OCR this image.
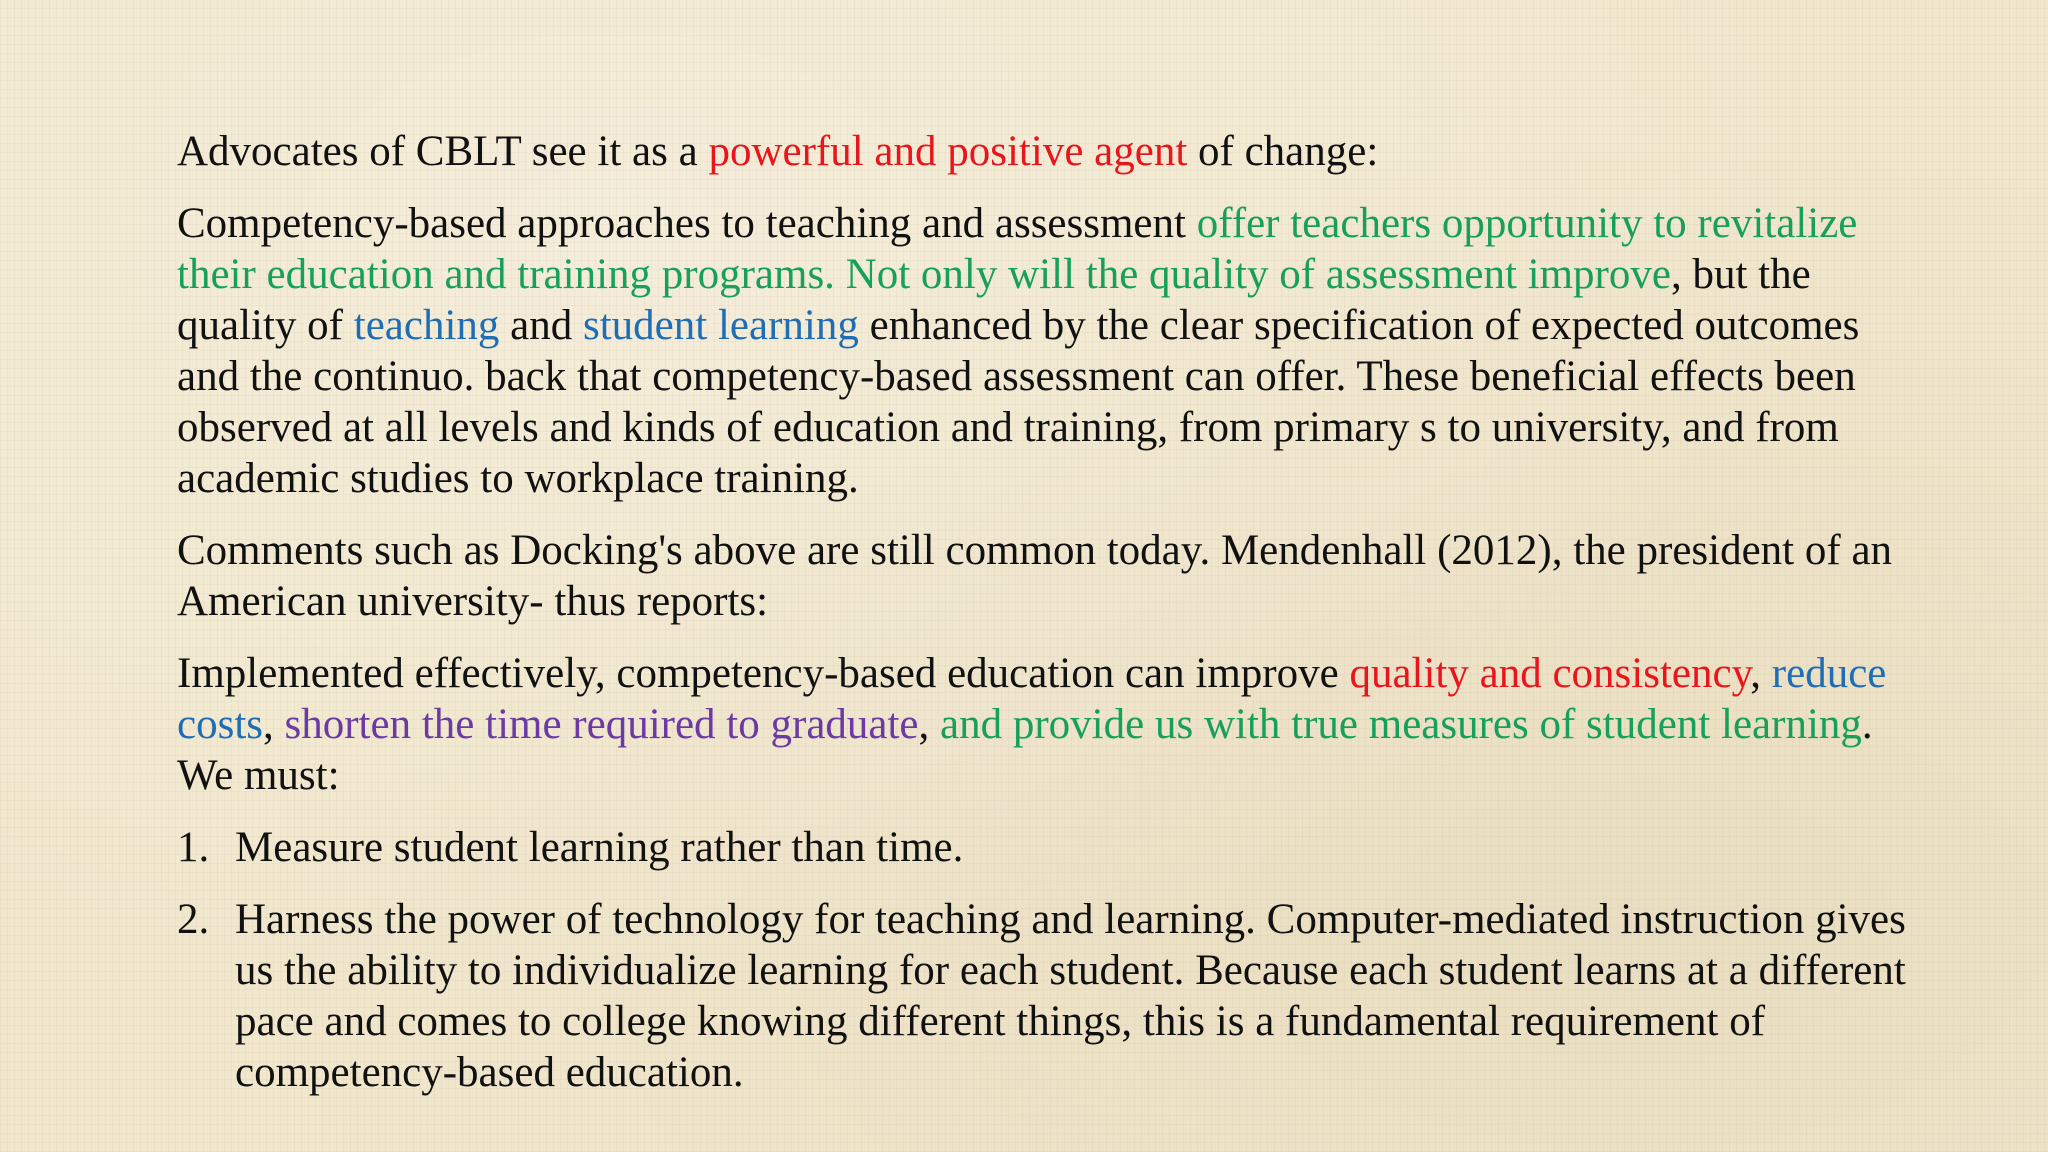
Advocates of CBLT see it as a powerful and positive agent of change:

Competency-based approaches to teaching and assessment offer teachers opportunity to revitalize their education and training programs. Not only will the quality of assessment improve, but the quality of teaching and student learning enhanced by the clear specification of expected outcomes and the continuo. back that competency-based assessment can offer. These beneficial effects been observed at all levels and kinds of education and training, from primary s to university, and from academic studies to workplace training.

Comments such as Docking's above are still common today. Mendenhall (2012), the president of an American university- thus reports:

Implemented effectively, competency-based education can improve quality and consistency, reduce costs, shorten the time required to graduate, and provide us with true measures of student learning. We must:

1. Measure student learning rather than time.
2. Harness the power of technology for teaching and learning. Computer-mediated instruction gives us the ability to individualize learning for each student. Because each student learns at a different pace and comes to college knowing different things, this is a fundamental requirement of competency-based education.
